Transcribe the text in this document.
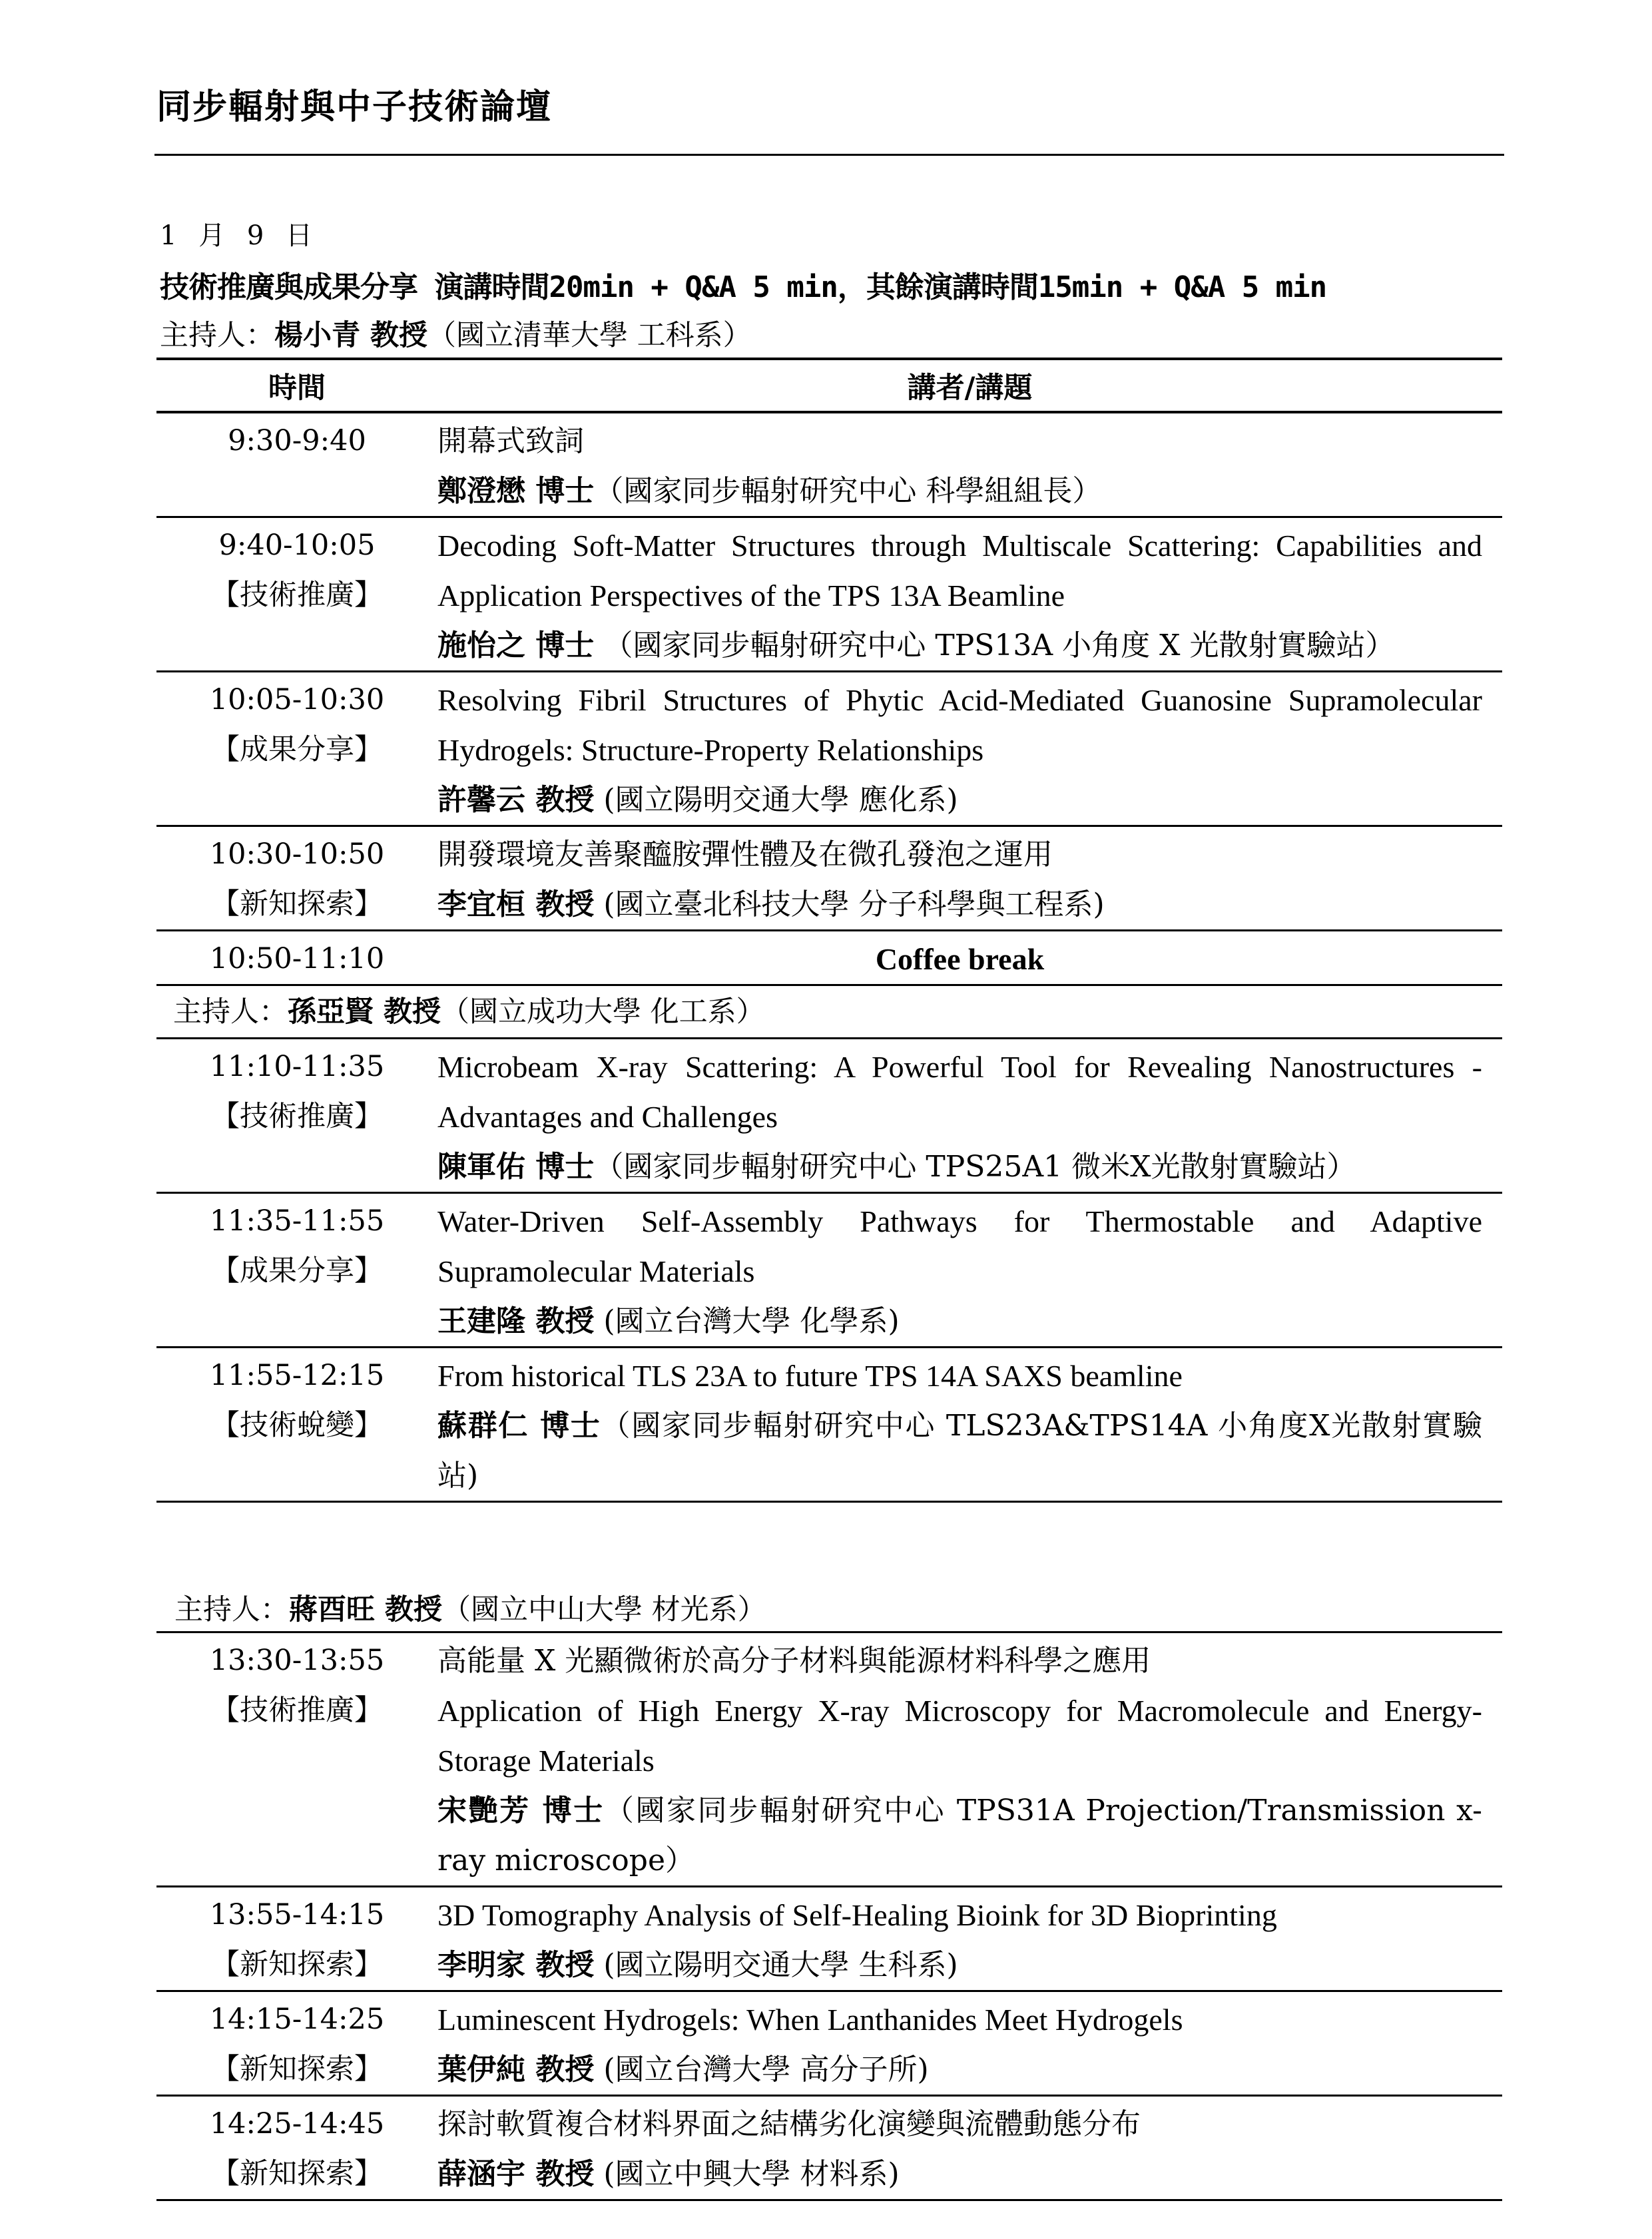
同步輻射與中子技術論壇
1 月 9 日
技術推廣與成果分享 演講時間20min + Q&A 5 min，其餘演講時間15min + Q&A 5 min
主持人：楊小青 教授（國立清華大學 工科系）
時間	講者/講題

9:30-9:40	開幕式致詞
鄭澄懋 博士（國家同步輻射研究中心 科學組組長）

9:40-10:05
【技術推廣】	Decoding Soft-Matter Structures through Multiscale Scattering: Capabilities and Application Perspectives of the TPS 13A Beamline
施怡之 博士 （國家同步輻射研究中心 TPS13A 小角度 X 光散射實驗站）

10:05-10:30
【成果分享】	Resolving Fibril Structures of Phytic Acid-Mediated Guanosine Supramolecular Hydrogels: Structure-Property Relationships
許馨云 教授 (國立陽明交通大學 應化系)

10:30-10:50
【新知探索】	開發環境友善聚醯胺彈性體及在微孔發泡之運用
李宜桓 教授 (國立臺北科技大學 分子科學與工程系)

10:50-11:10	Coffee break
主持人：孫亞賢 教授（國立成功大學 化工系）	

11:10-11:35
【技術推廣】	Microbeam X-ray Scattering: A Powerful Tool for Revealing Nanostructures - Advantages and Challenges
陳軍佑 博士（國家同步輻射研究中心 TPS25A1 微米X光散射實驗站）

11:35-11:55
【成果分享】	Water-Driven Self-Assembly Pathways for Thermostable and Adaptive Supramolecular Materials
王建隆 教授 (國立台灣大學 化學系)

11:55-12:15
【技術蛻變】	From historical TLS 23A to future TPS 14A SAXS beamline
蘇群仁 博士（國家同步輻射研究中心 TLS23A&TPS14A 小角度X光散射實驗站)
主持人：蔣酉旺 教授（國立中山大學 材光系）
13:30-13:55
【技術推廣】	高能量 X 光顯微術於高分子材料與能源材料科學之應用
Application of High Energy X-ray Microscopy for Macromolecule and Energy-Storage Materials
宋艷芳 博士（國家同步輻射研究中心 TPS31A Projection/Transmission x-ray microscope）

13:55-14:15
【新知探索】	3D Tomography Analysis of Self-Healing Bioink for 3D Bioprinting
李明家 教授 (國立陽明交通大學 生科系)

14:15-14:25
【新知探索】	Luminescent Hydrogels: When Lanthanides Meet Hydrogels
葉伊純 教授 (國立台灣大學 高分子所)

14:25-14:45
【新知探索】	探討軟質複合材料界面之結構劣化演變與流體動態分布
薛涵宇 教授 (國立中興大學 材料系)
